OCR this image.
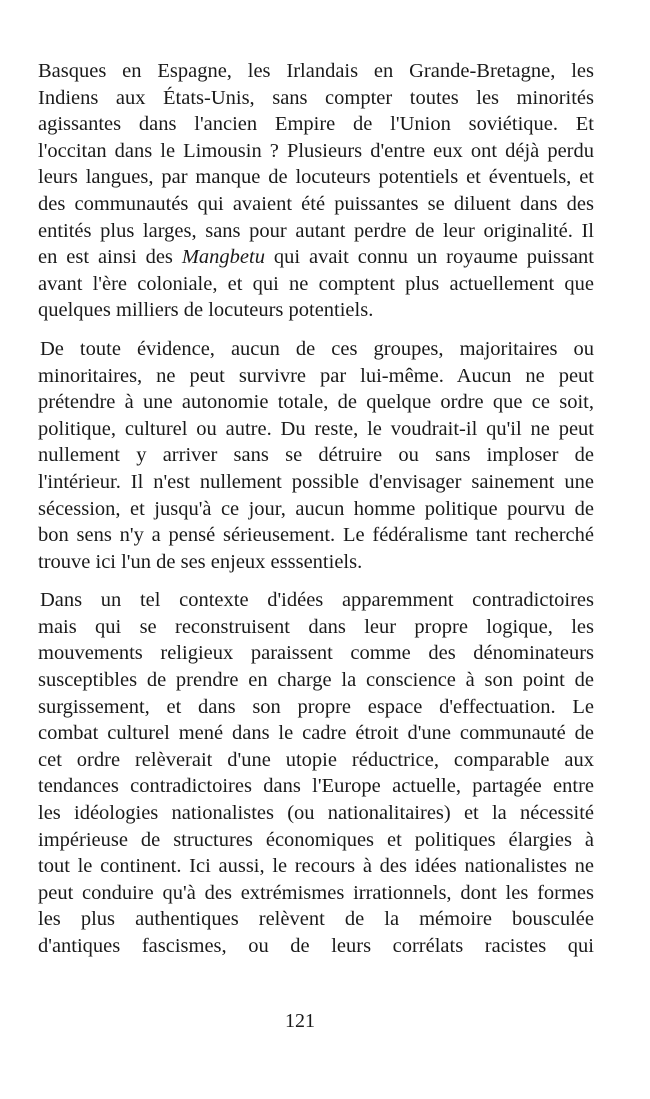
Basques en Espagne, les Irlandais en Grande-Bretagne, les
Indiens aux États-Unis, sans compter toutes les minorités
agissantes dans l'ancien Empire de l'Union soviétique. Et
l'occitan dans le Limousin ? Plusieurs d'entre eux ont déjà perdu
leurs langues, par manque de locuteurs potentiels et éventuels, et
des communautés qui avaient été puissantes se diluent dans des
entités plus larges, sans pour autant perdre de leur originalité. Il
en est ainsi des Mangbetu qui avait connu un royaume puissant
avant l'ère coloniale, et qui ne comptent plus actuellement que
quelques milliers de locuteurs potentiels.
De toute évidence, aucun de ces groupes, majoritaires ou
minoritaires, ne peut survivre par lui-même. Aucun ne peut
prétendre à une autonomie totale, de quelque ordre que ce soit,
politique, culturel ou autre. Du reste, le voudrait-il qu'il ne peut
nullement y arriver sans se détruire ou sans imploser de
l'intérieur. Il n'est nullement possible d'envisager sainement une
sécession, et jusqu'à ce jour, aucun homme politique pourvu de
bon sens n'y a pensé sérieusement. Le fédéralisme tant recherché
trouve ici l'un de ses enjeux esssentiels.
Dans un tel contexte d'idées apparemment contradictoires
mais qui se reconstruisent dans leur propre logique, les
mouvements religieux paraissent comme des dénominateurs
susceptibles de prendre en charge la conscience à son point de
surgissement, et dans son propre espace d'effectuation. Le
combat culturel mené dans le cadre étroit d'une communauté de
cet ordre relèverait d'une utopie réductrice, comparable aux
tendances contradictoires dans l'Europe actuelle, partagée entre
les idéologies nationalistes (ou nationalitaires) et la nécessité
impérieuse de structures économiques et politiques élargies à
tout le continent. Ici aussi, le recours à des idées nationalistes ne
peut conduire qu'à des extrémismes irrationnels, dont les formes
les plus authentiques relèvent de la mémoire bousculée
d'antiques fascismes, ou de leurs corrélats racistes qui
121
